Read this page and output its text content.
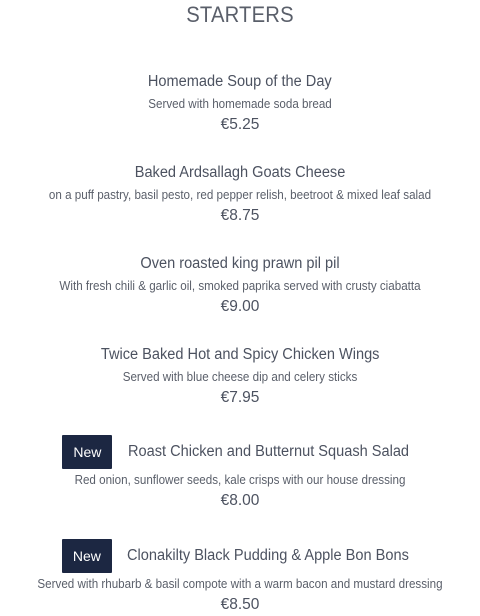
STARTERS
Homemade Soup of the Day
Served with homemade soda bread
€5.25
Baked Ardsallagh Goats Cheese
on a puff pastry, basil pesto, red pepper relish, beetroot & mixed leaf salad
€8.75
Oven roasted king prawn pil pil
With fresh chili & garlic oil, smoked paprika served with crusty ciabatta
€9.00
Twice Baked Hot and Spicy Chicken Wings
Served with blue cheese dip and celery sticks
€7.95
New Roast Chicken and Butternut Squash Salad
Red onion, sunflower seeds, kale crisps with our house dressing
€8.00
New Clonakilty Black Pudding & Apple Bon Bons
Served with rhubarb & basil compote with a warm bacon and mustard dressing
€8.50
